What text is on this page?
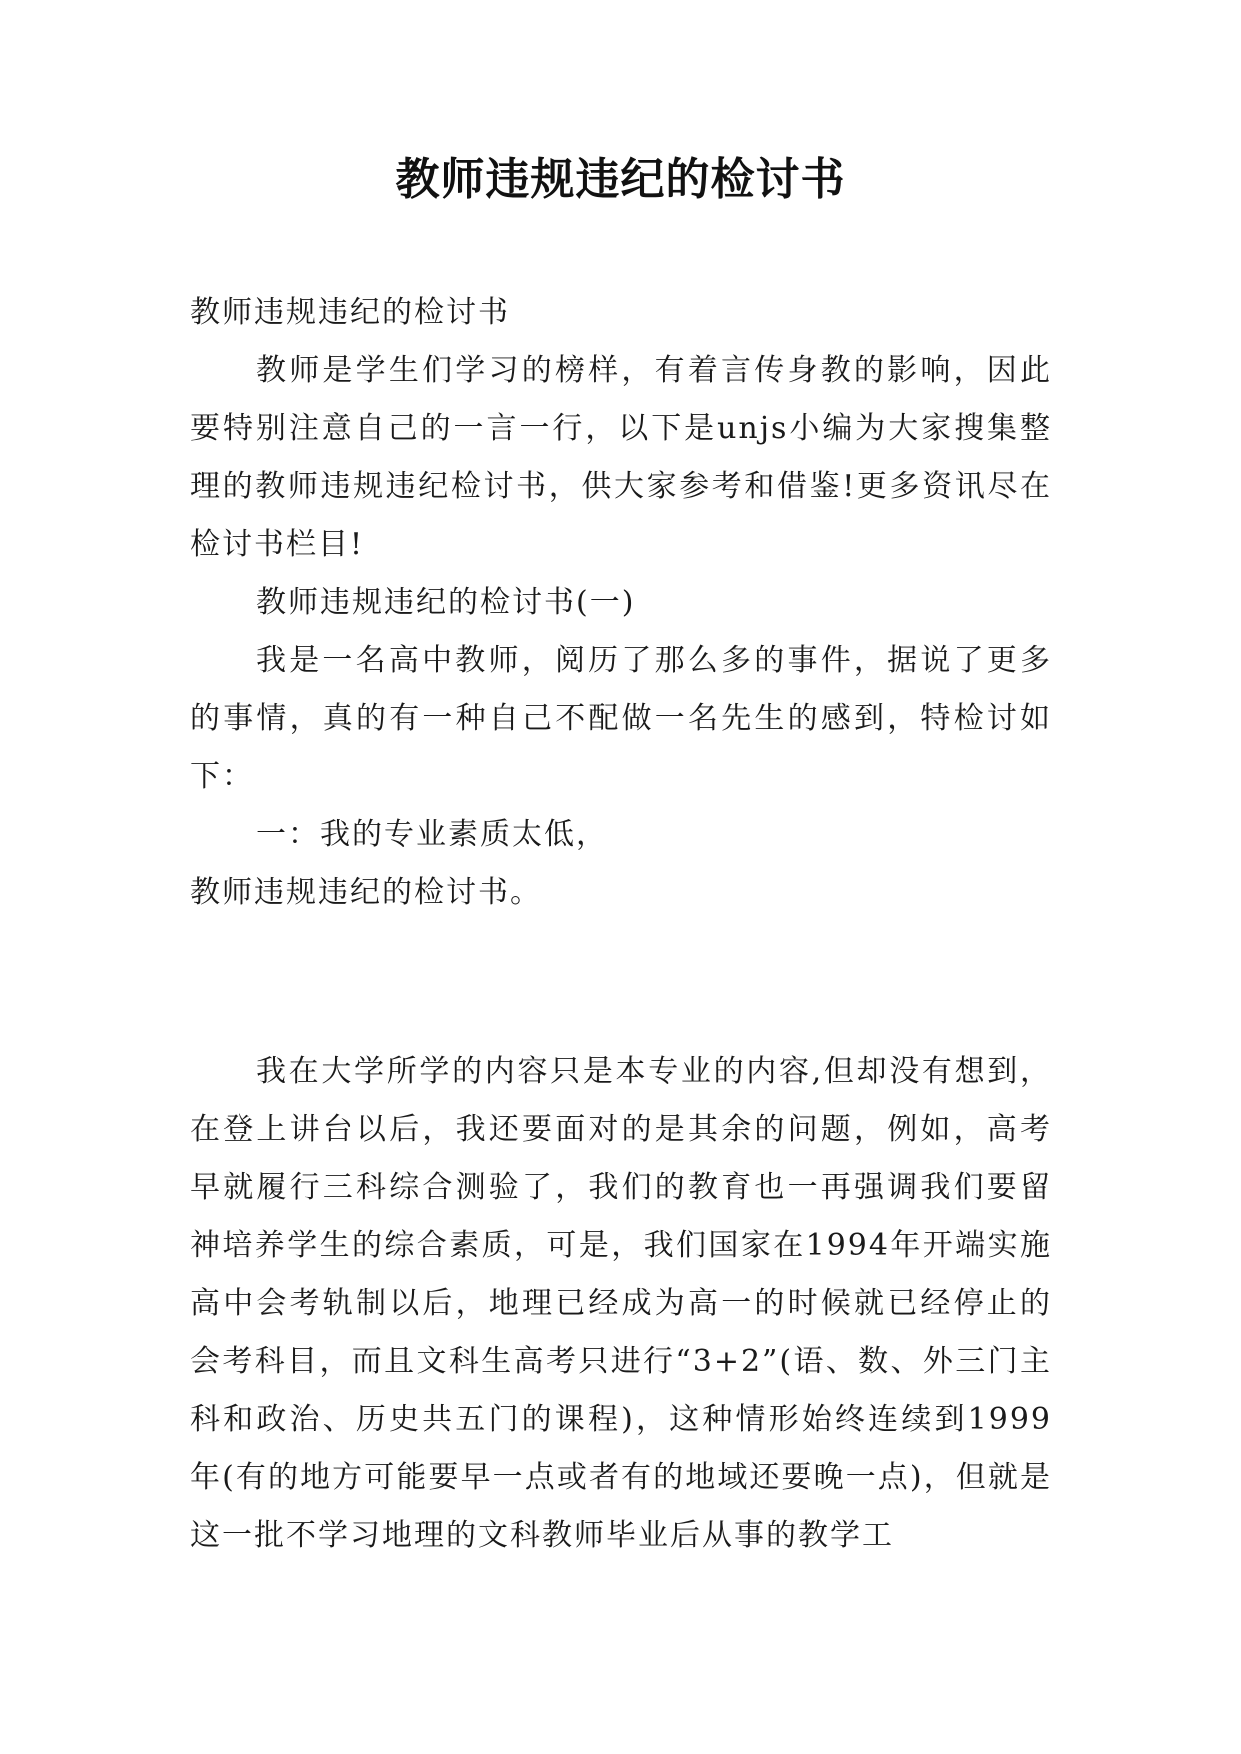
教师违规违纪的检讨书

教师违规违纪的检讨书

教师是学生们学习的榜样，有着言传身教的影响，因此要特别注意自己的一言一行，以下是unjs小编为大家搜集整理的教师违规违纪检讨书，供大家参考和借鉴!更多资讯尽在检讨书栏目!

教师违规违纪的检讨书(一)

我是一名高中教师，阅历了那么多的事件，据说了更多的事情，真的有一种自己不配做一名先生的感到，特检讨如下：

一：我的专业素质太低，

教师违规违纪的检讨书。

我在大学所学的内容只是本专业的内容,但却没有想到，在登上讲台以后，我还要面对的是其余的问题，例如，高考早就履行三科综合测验了，我们的教育也一再强调我们要留神培养学生的综合素质，可是，我们国家在1994年开端实施高中会考轨制以后，地理已经成为高一的时候就已经停止的会考科目，而且文科生高考只进行“3+2”(语、数、外三门主科和政治、历史共五门的课程)，这种情形始终连续到1999年(有的地方可能要早一点或者有的地域还要晚一点)，但就是这一批不学习地理的文科教师毕业后从事的教学工
